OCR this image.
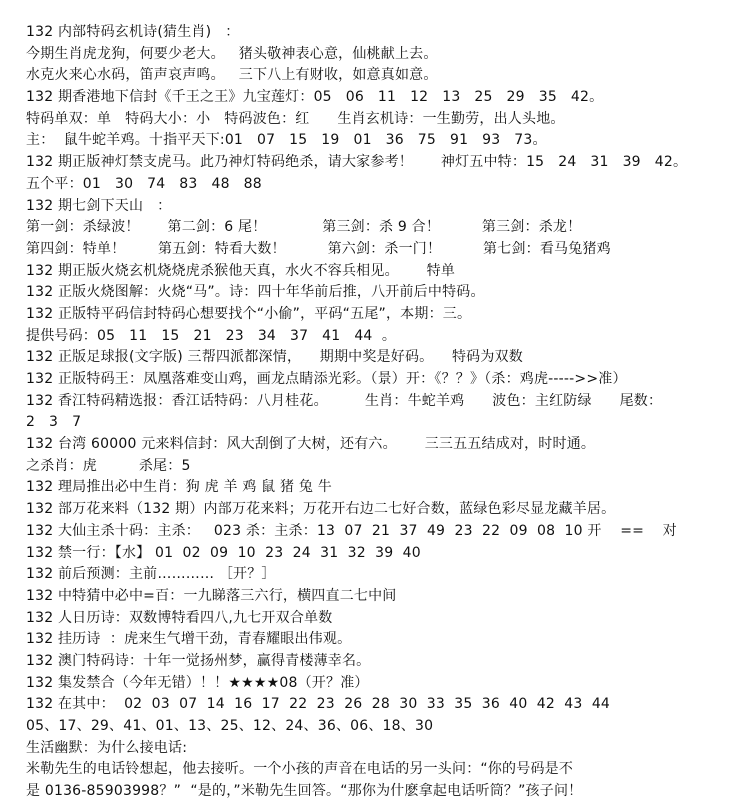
132 内部特码玄机诗(猜生肖)   ：
今期生肖虎龙狗，何要少老大。   猪头敬神表心意，仙桃献上去。
水克火来心水码，笛声哀声鸣。   三下八上有财收，如意真如意。
132 期香港地下信封《千王之王》九宝莲灯：05   06   11   12   13   25   29   35   42。
特码单双：单   特码大小：小   特码波色：红      生肖玄机诗：一生勤劳，出人头地。
主：  鼠牛蛇羊鸡。十指平天下:01   07   15   19   01   36   75   91   93   73。
132 期正版神灯禁支虎马。此乃神灯特码绝杀，请大家参考！      神灯五中特：15   24   31   39   42。
五个平：01   30   74   83   48   88
132 期七剑下天山   ：
第一剑：杀绿波！      第二剑：6 尾！            第三剑：杀 9 合！         第三剑：杀龙！
第四剑：特单！       第五剑：特看大数！         第六剑：杀一门！         第七剑：看马兔猪鸡
132 期正版火烧玄机烧烧虎杀猴他天真，水火不容兵相见。      特单
132 正版火烧图解：火烧“马”。诗：四十年华前后推，八开前后中特码。
132 正版特平码信封特码心想要找个“小偷”，平码“五尾”，本期：三。
提供号码：05   11   15   21   23   34   37   41   44  。
132 正版足球报(文字版) 三帮四派都深情，    期期中奖是好码。    特码为双数
132 正版特码王：凤凰落难变山鸡，画龙点睛添光彩。（景）开：《？？》（杀：鸡虎----->>准）
132 香江特码精选报：香江话特码：八月桂花。        生肖：牛蛇羊鸡      波色：主红防绿      尾数：
2   3   7
132 台湾 60000 元来料信封：风大刮倒了大树，还有六。      三三五五结成对，时时通。
之杀肖：虎         杀尾：5
132 理局推出必中生肖：狗 虎 羊 鸡 鼠 猪 兔 牛
132 部万花来料（132 期）内部万花来料；万花开右边二七好合数，蓝绿色彩尽显龙藏羊居。
132 大仙主杀十码：主杀：   023 杀：主杀：13  07  21  37  49  23  22  09  08  10 开    ==    对
132 禁一行：【水】 01  02  09  10  23  24  31  32  39  40
132 前后预测：主前………… ［开？］
132 中特猜中必中=百：一九睇落三六行，横四直二七中间
132 人日历诗：双数博特看四八,九七开双合单数
132 挂历诗  ：虎来生气增干劲，青春耀眼出伟观。
132 澳门特码诗：十年一觉扬州梦，赢得青楼薄幸名。
132 集发禁合（今年无错）！！★★★★08（开？准）
132 在其中：  02  03  07  14  16  17  22  23  26  28  30  33  35  36  40  42  43  44
05、17、29、41、01、13、25、12、24、36、06、18、30
生活幽默：为什么接电话:
米勒先生的电话铃想起，他去接听。一个小孩的声音在电话的另一头问：“你的号码是不
是 0136-85903998？”  “是的，”米勒先生回答。“那你为什麽拿起电话听筒？”孩子问！
